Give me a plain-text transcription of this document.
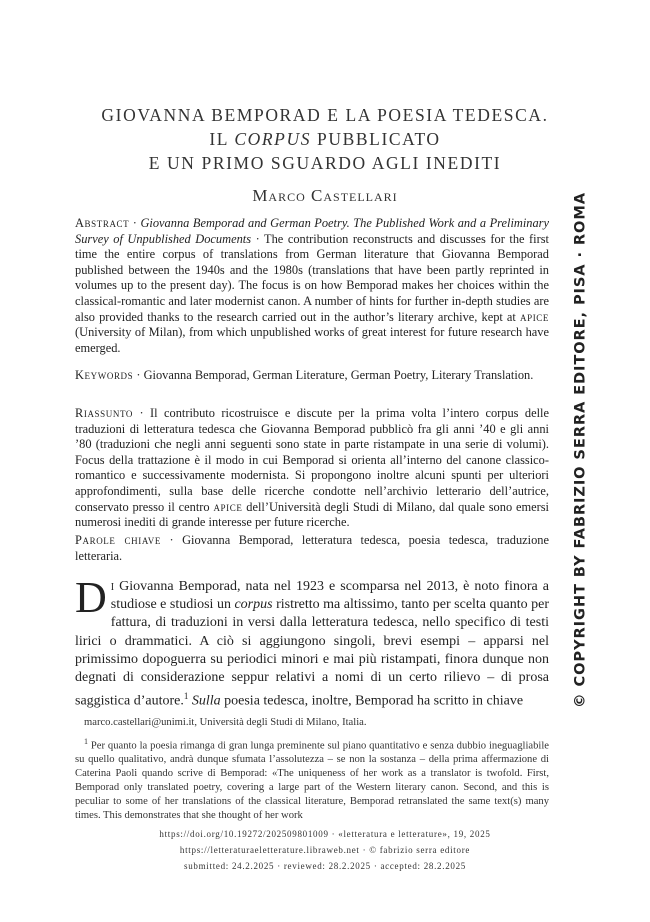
GIOVANNA BEMPORAD E LA POESIA TEDESCA.
IL CORPUS PUBBLICATO
E UN PRIMO SGUARDO AGLI INEDITI
Marco Castellari
Abstract · Giovanna Bemporad and German Poetry. The Published Work and a Preliminary Survey of Unpublished Documents · The contribution reconstructs and discusses for the first time the entire corpus of translations from German literature that Giovanna Bemporad published between the 1940s and the 1980s (translations that have been partly reprinted in volumes up to the present day). The focus is on how Bemporad makes her choices within the classical-romantic and later modernist canon. A number of hints for further in-depth studies are also provided thanks to the research carried out in the author’s literary archive, kept at apice (University of Milan), from which unpublished works of great interest for future research have emerged.
Keywords · Giovanna Bemporad, German Literature, German Poetry, Literary Translation.
Riassunto · Il contributo ricostruisce e discute per la prima volta l’intero corpus delle traduzioni di letteratura tedesca che Giovanna Bemporad pubblicò fra gli anni ’40 e gli anni ’80 (traduzioni che negli anni seguenti sono state in parte ristampate in una serie di volumi). Focus della trattazione è il modo in cui Bemporad si orienta all’interno del canone classico-romantico e successivamente modernista. Si propongono inoltre alcuni spunti per ulteriori approfondimenti, sulla base delle ricerche condotte nell’archivio letterario dell’autrice, conservato presso il centro apice dell’Università degli Studi di Milano, dal quale sono emersi numerosi inediti di grande interesse per future ricerche.
Parole chiave · Giovanna Bemporad, letteratura tedesca, poesia tedesca, traduzione letteraria.
Di Giovanna Bemporad, nata nel 1923 e scomparsa nel 2013, è noto finora a studiose e studiosi un corpus ristretto ma altissimo, tanto per scelta quanto per fattura, di traduzioni in versi dalla letteratura tedesca, nello specifico di testi lirici o drammatici. A ciò si aggiungono singoli, brevi esempi – apparsi nel primissimo dopoguerra su periodici minori e mai più ristampati, finora dunque non degnati di considerazione seppur relativi a nomi di un certo rilievo – di prosa saggistica d’autore.$^1$ Sulla poesia tedesca, inoltre, Bemporad ha scritto in chiave
marco.castellari@unimi.it, Università degli Studi di Milano, Italia.
$^1$ Per quanto la poesia rimanga di gran lunga preminente sul piano quantitativo e senza dubbio ineguagliabile su quello qualitativo, andrà dunque sfumata l’assolutezza – se non la sostanza – della prima affermazione di Caterina Paoli quando scrive di Bemporad: «The uniqueness of her work as a translator is twofold. First, Bemporad only translated poetry, covering a large part of the Western literary canon. Second, and this is peculiar to some of her translations of the classical literature, Bemporad retranslated the same text(s) many times. This demonstrates that she thought of her work
https://doi.org/10.19272/202509801009 · «letteratura e letterature», 19, 2025
https://letteraturaeletterature.libraweb.net · © fabrizio serra editore
submitted: 24.2.2025 · reviewed: 28.2.2025 · accepted: 28.2.2025
© COPYRIGHT BY FABRIZIO SERRA EDITORE, PISA · ROMA
